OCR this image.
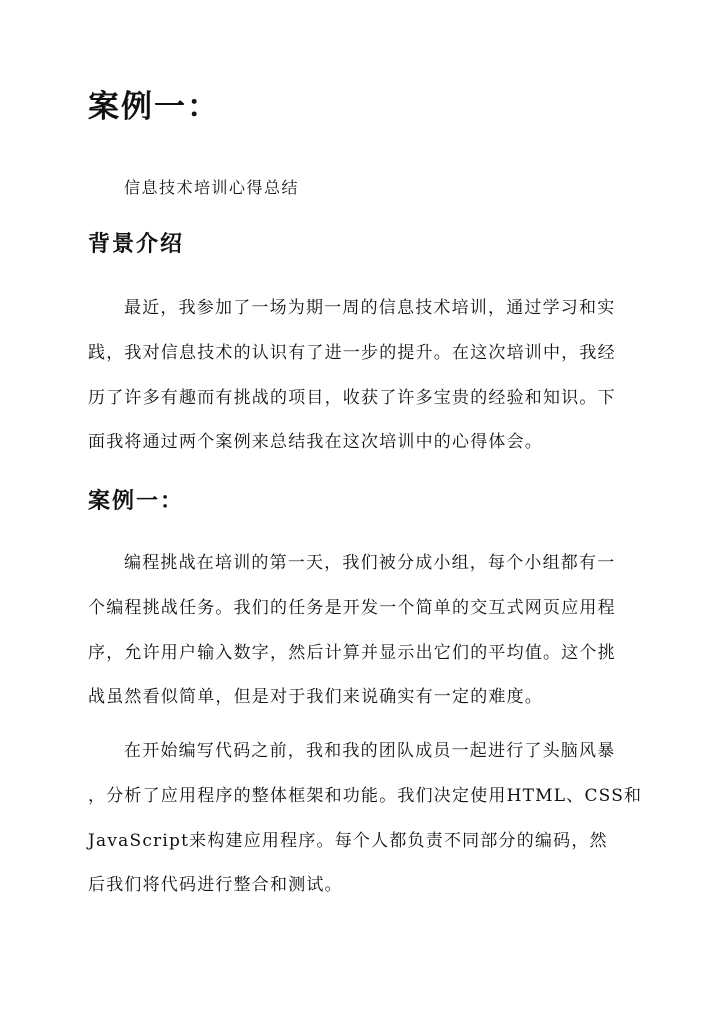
案例一：
信息技术培训心得总结
背景介绍
最近，我参加了一场为期一周的信息技术培训，通过学习和实
践，我对信息技术的认识有了进一步的提升。在这次培训中，我经
历了许多有趣而有挑战的项目，收获了许多宝贵的经验和知识。下
面我将通过两个案例来总结我在这次培训中的心得体会。
案例一：
编程挑战在培训的第一天，我们被分成小组，每个小组都有一
个编程挑战任务。我们的任务是开发一个简单的交互式网页应用程
序，允许用户输入数字，然后计算并显示出它们的平均值。这个挑
战虽然看似简单，但是对于我们来说确实有一定的难度。
在开始编写代码之前，我和我的团队成员一起进行了头脑风暴
，分析了应用程序的整体框架和功能。我们决定使用HTML、CSS和
JavaScript来构建应用程序。每个人都负责不同部分的编码，然
后我们将代码进行整合和测试。
